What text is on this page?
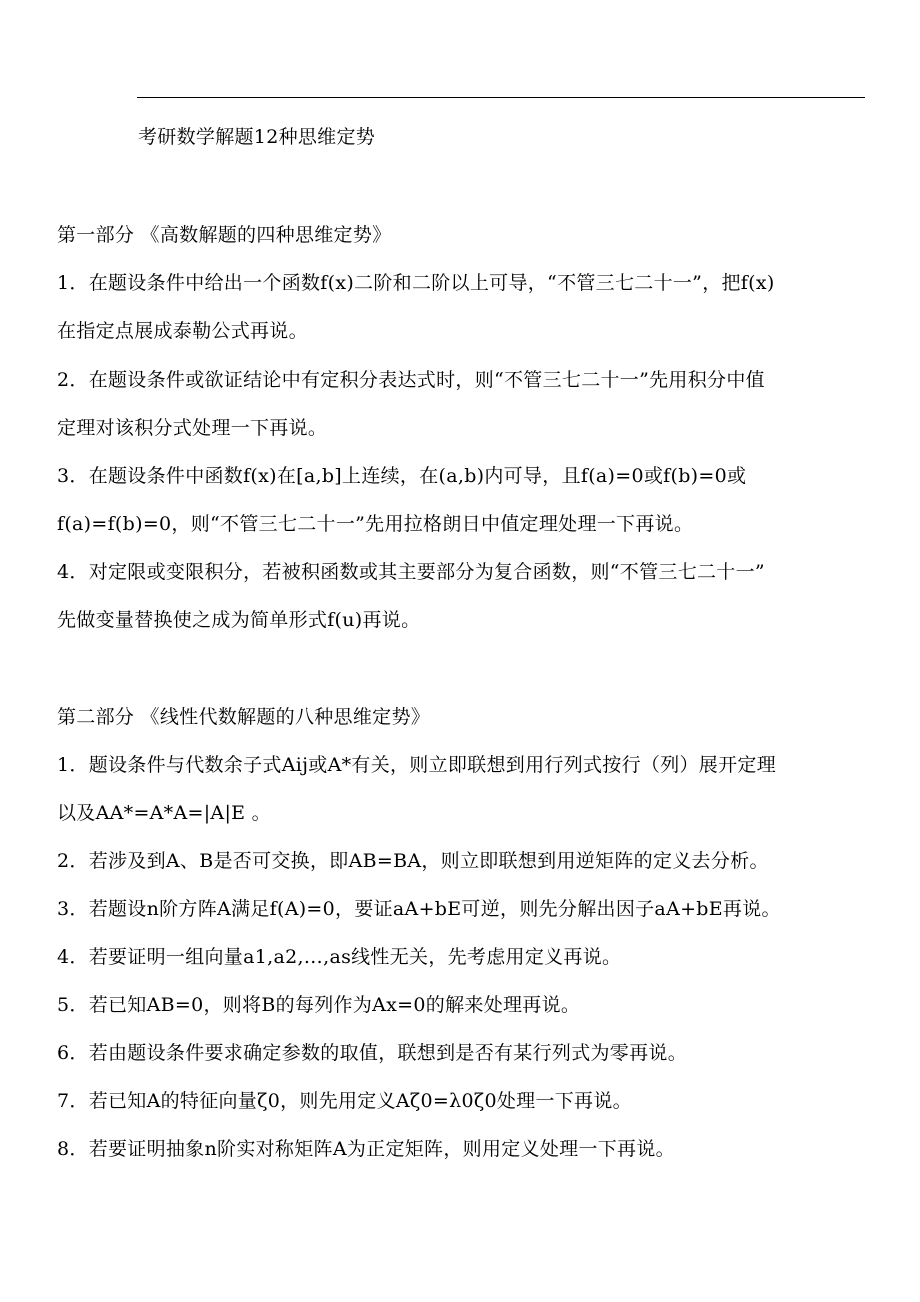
考研数学解题12种思维定势
第一部分 《高数解题的四种思维定势》
1．在题设条件中给出一个函数f(x)二阶和二阶以上可导，“不管三七二十一”，把f(x)
在指定点展成泰勒公式再说。
2．在题设条件或欲证结论中有定积分表达式时，则“不管三七二十一”先用积分中值
定理对该积分式处理一下再说。
3．在题设条件中函数f(x)在[a,b]上连续，在(a,b)内可导，且f(a)=0或f(b)=0或
f(a)=f(b)=0，则“不管三七二十一”先用拉格朗日中值定理处理一下再说。
4．对定限或变限积分，若被积函数或其主要部分为复合函数，则“不管三七二十一”
先做变量替换使之成为简单形式f(u)再说。
第二部分 《线性代数解题的八种思维定势》
1．题设条件与代数余子式Aij或A*有关，则立即联想到用行列式按行（列）展开定理
以及AA*=A*A=|A|E 。
2．若涉及到A、B是否可交换，即AB=BA，则立即联想到用逆矩阵的定义去分析。
3．若题设n阶方阵A满足f(A)=0，要证aA+bE可逆，则先分解出因子aA+bE再说。
4．若要证明一组向量a1,a2,…,as线性无关，先考虑用定义再说。
5．若已知AB=0，则将B的每列作为Ax=0的解来处理再说。
6．若由题设条件要求确定参数的取值，联想到是否有某行列式为零再说。
7．若已知A的特征向量ζ0，则先用定义Aζ0=λ0ζ0处理一下再说。
8．若要证明抽象n阶实对称矩阵A为正定矩阵，则用定义处理一下再说。
